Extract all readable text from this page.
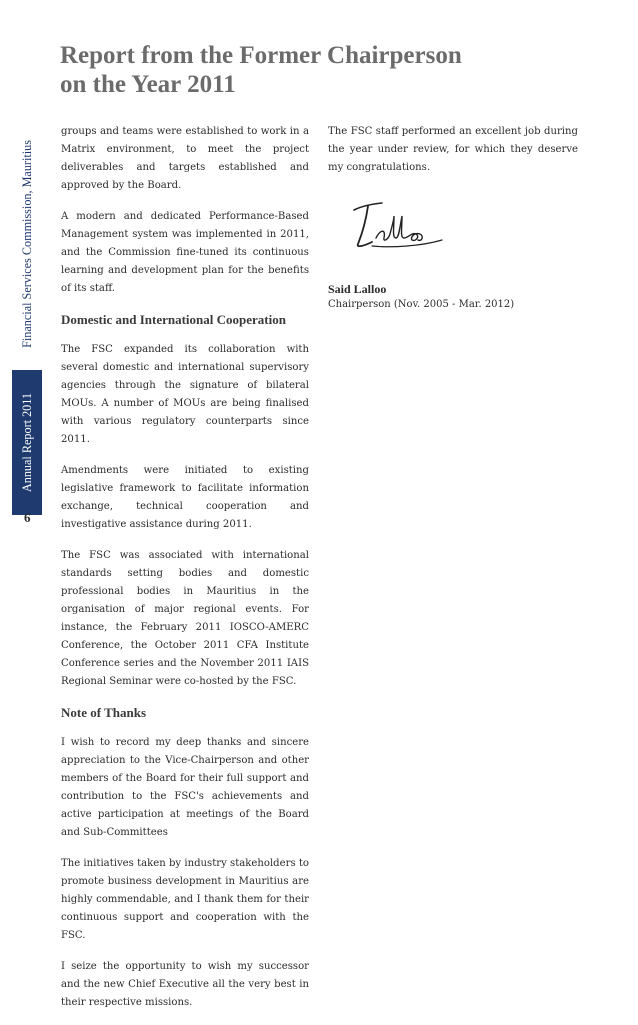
Financial Services Commission, Mauritius
Annual Report 2011
6
Report from the Former Chairperson
on the Year 2011

groups and teams were established to work in a Matrix environment, to meet the project deliverables and targets established and approved by the Board.

A modern and dedicated Performance-Based Management system was implemented in 2011, and the Commission fine-tuned its continuous learning and development plan for the benefits of its staff.

Domestic and International Cooperation

The FSC expanded its collaboration with several domestic and international supervisory agencies through the signature of bilateral MOUs. A number of MOUs are being finalised with various regulatory counterparts since 2011.

Amendments were initiated to existing legislative framework to facilitate information exchange, technical cooperation and investigative assistance during 2011.

The FSC was associated with international standards setting bodies and domestic professional bodies in Mauritius in the organisation of major regional events. For instance, the February 2011 IOSCO-AMERC Conference, the October 2011 CFA Institute Conference series and the November 2011 IAIS Regional Seminar were co-hosted by the FSC.

Note of Thanks

I wish to record my deep thanks and sincere appreciation to the Vice-Chairperson and other members of the Board for their full support and contribution to the FSC's achievements and active participation at meetings of the Board and Sub-Committees

The initiatives taken by industry stakeholders to promote business development in Mauritius are highly commendable, and I thank them for their continuous support and cooperation with the FSC.

I seize the opportunity to wish my successor and the new Chief Executive all the very best in their respective missions.

The FSC staff performed an excellent job during the year under review, for which they deserve my congratulations.

Said Lalloo
Chairperson (Nov. 2005 - Mar. 2012)
